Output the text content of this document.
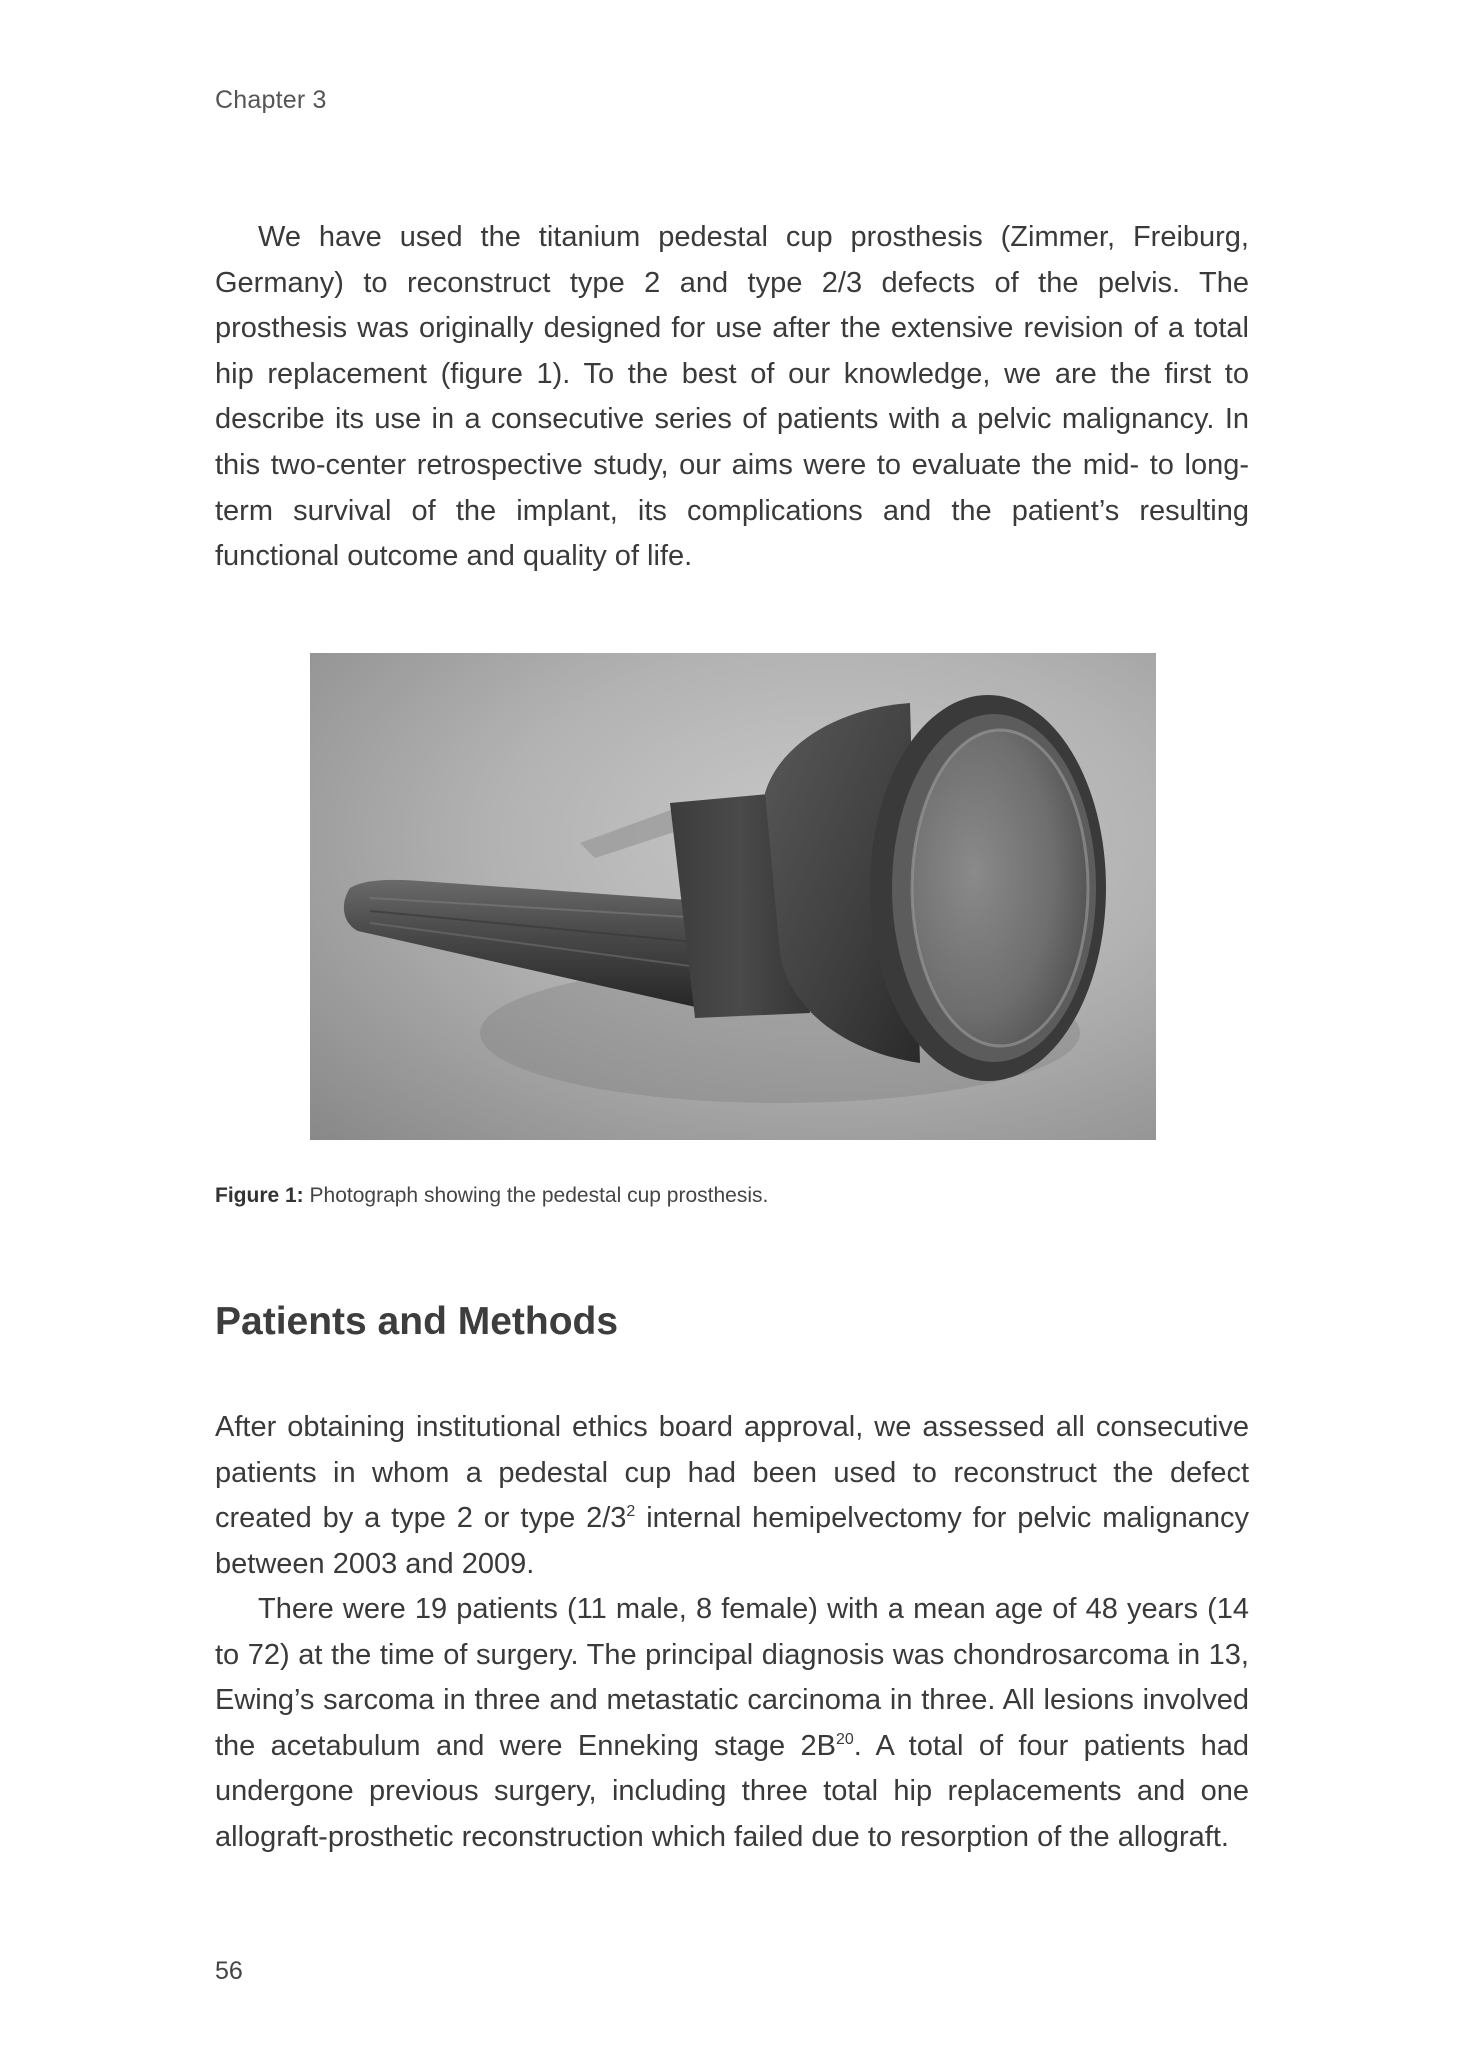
Chapter 3

We have used the titanium pedestal cup prosthesis (Zimmer, Freiburg, Germany) to reconstruct type 2 and type 2/3 defects of the pelvis. The prosthesis was originally designed for use after the extensive revision of a total hip replacement (figure 1). To the best of our knowledge, we are the first to describe its use in a consecutive series of patients with a pelvic malignancy. In this two-center retrospective study, our aims were to evaluate the mid- to long-term survival of the implant, its complications and the patient’s resulting functional outcome and quality of life.

Figure 1: Photograph showing the pedestal cup prosthesis.
Patients and Methods

After obtaining institutional ethics board approval, we assessed all consecutive patients in whom a pedestal cup had been used to reconstruct the defect created by a type 2 or type $2/3^2$ internal hemipelvectomy for pelvic malignancy between 2003 and 2009.

There were 19 patients (11 male, 8 female) with a mean age of 48 years (14 to 72) at the time of surgery. The principal diagnosis was chondrosarcoma in 13, Ewing’s sarcoma in three and metastatic carcinoma in three. All lesions involved the acetabulum and were Enneking stage $2B^{20}$. A total of four patients had undergone previous surgery, including three total hip replacements and one allograft-prosthetic reconstruction which failed due to resorption of the allograft.

56
